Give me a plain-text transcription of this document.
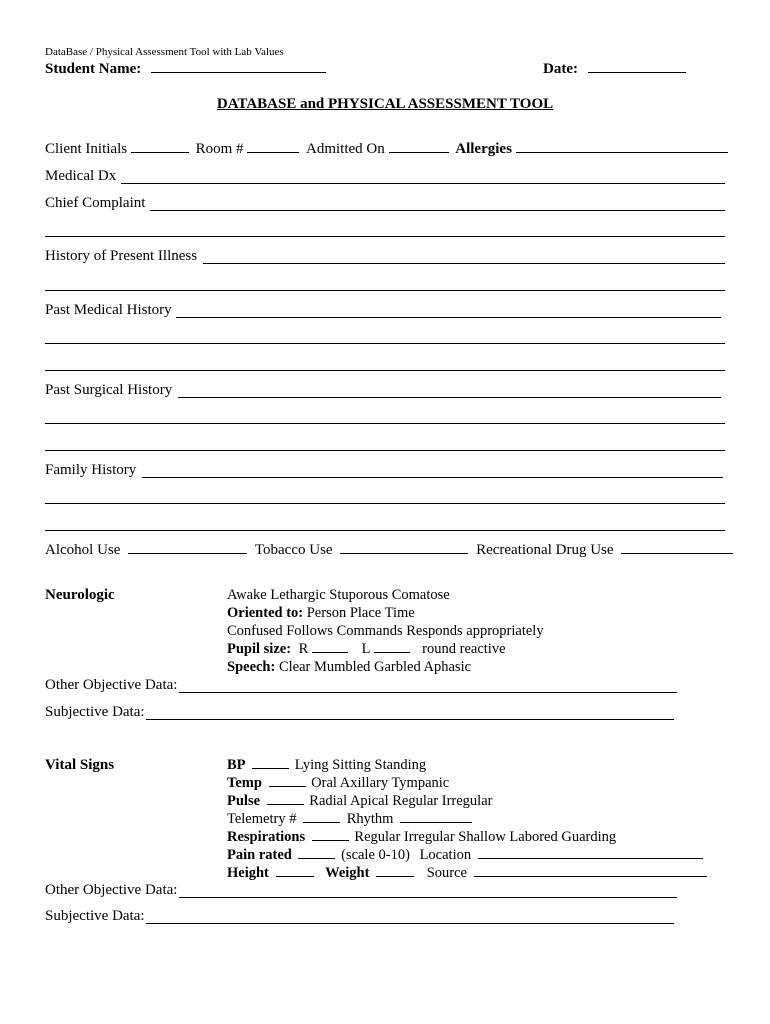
DataBase / Physical Assessment Tool with Lab Values
Student Name:	Date:
DATABASE and PHYSICAL ASSESSMENT TOOL
Client Initials	Room #	Admitted On	Allergies
Medical Dx
Chief Complaint
History of Present Illness
Past Medical History
Past Surgical History
Family History
Alcohol Use	Tobacco Use	Recreational Drug Use
Neurologic	Awake Lethargic Stuporous Comatose
Oriented to: Person Place Time
Confused Follows Commands Responds appropriately
Pupil size: R	L	round reactive
Speech: Clear Mumbled Garbled Aphasic
Other Objective Data:
Subjective Data:
Vital Signs	BP	Lying Sitting Standing
Temp	Oral Axillary Tympanic
Pulse	Radial Apical Regular Irregular
Telemetry #	Rhythm
Respirations	Regular Irregular Shallow Labored Guarding
Pain rated	(scale 0-10) Location
Height	Weight	Source
Other Objective Data:
Subjective Data:
